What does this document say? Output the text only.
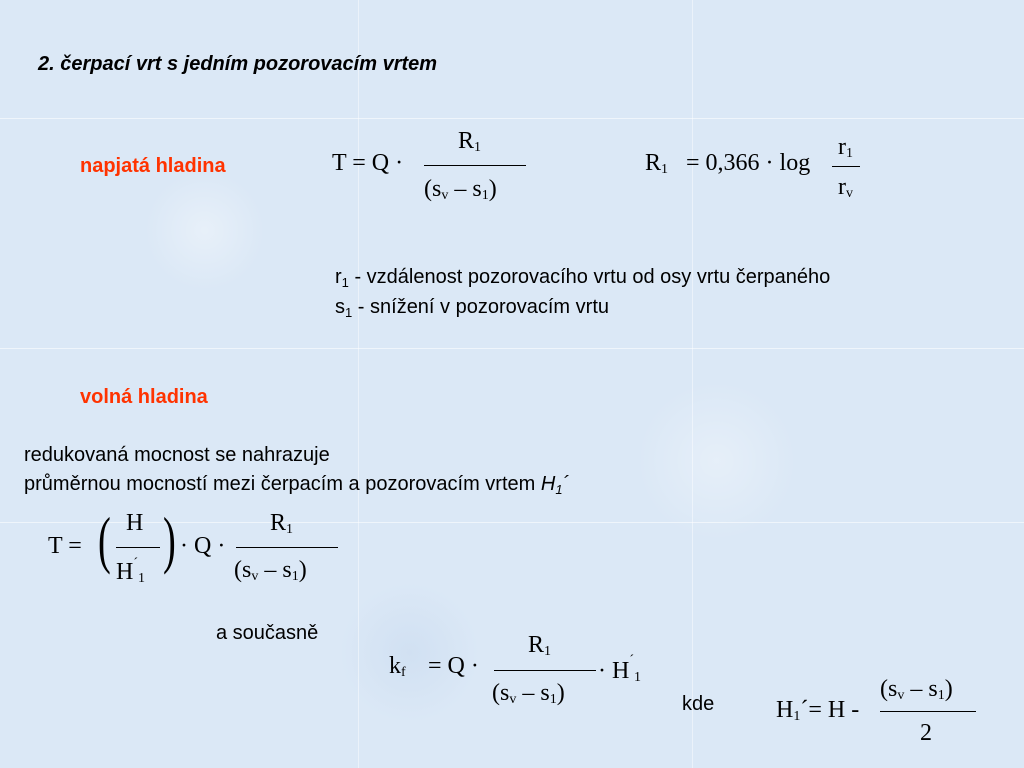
2. čerpací vrt s jedním pozorovacím vrtem
napjatá hladina	T = Q ·
$R_1$
$(s_v - s_1)$
$R_1 = 0,366 \cdot \log$
$r_1$
$r_v$
$r_1$ - vzdálenost pozorovacího vrtu od osy vrtu čerpaného
$s_1$ - snížení v pozorovacím vrtu
volná hladina
redukovaná mocnost se nahrazuje
průměrnou mocností mezi čerpacím a pozorovacím vrtem $H_1´$
T = ( H
$H^´_1$
) · Q ·
$R_1$
$(s_v - s_1)$
a současně
$k_f = Q$ ·
$R_1$
$(s_v - s_1)$
· $H^´_1$
kde	$H_1´= H$ -
$(s_v - s_1)$
2
